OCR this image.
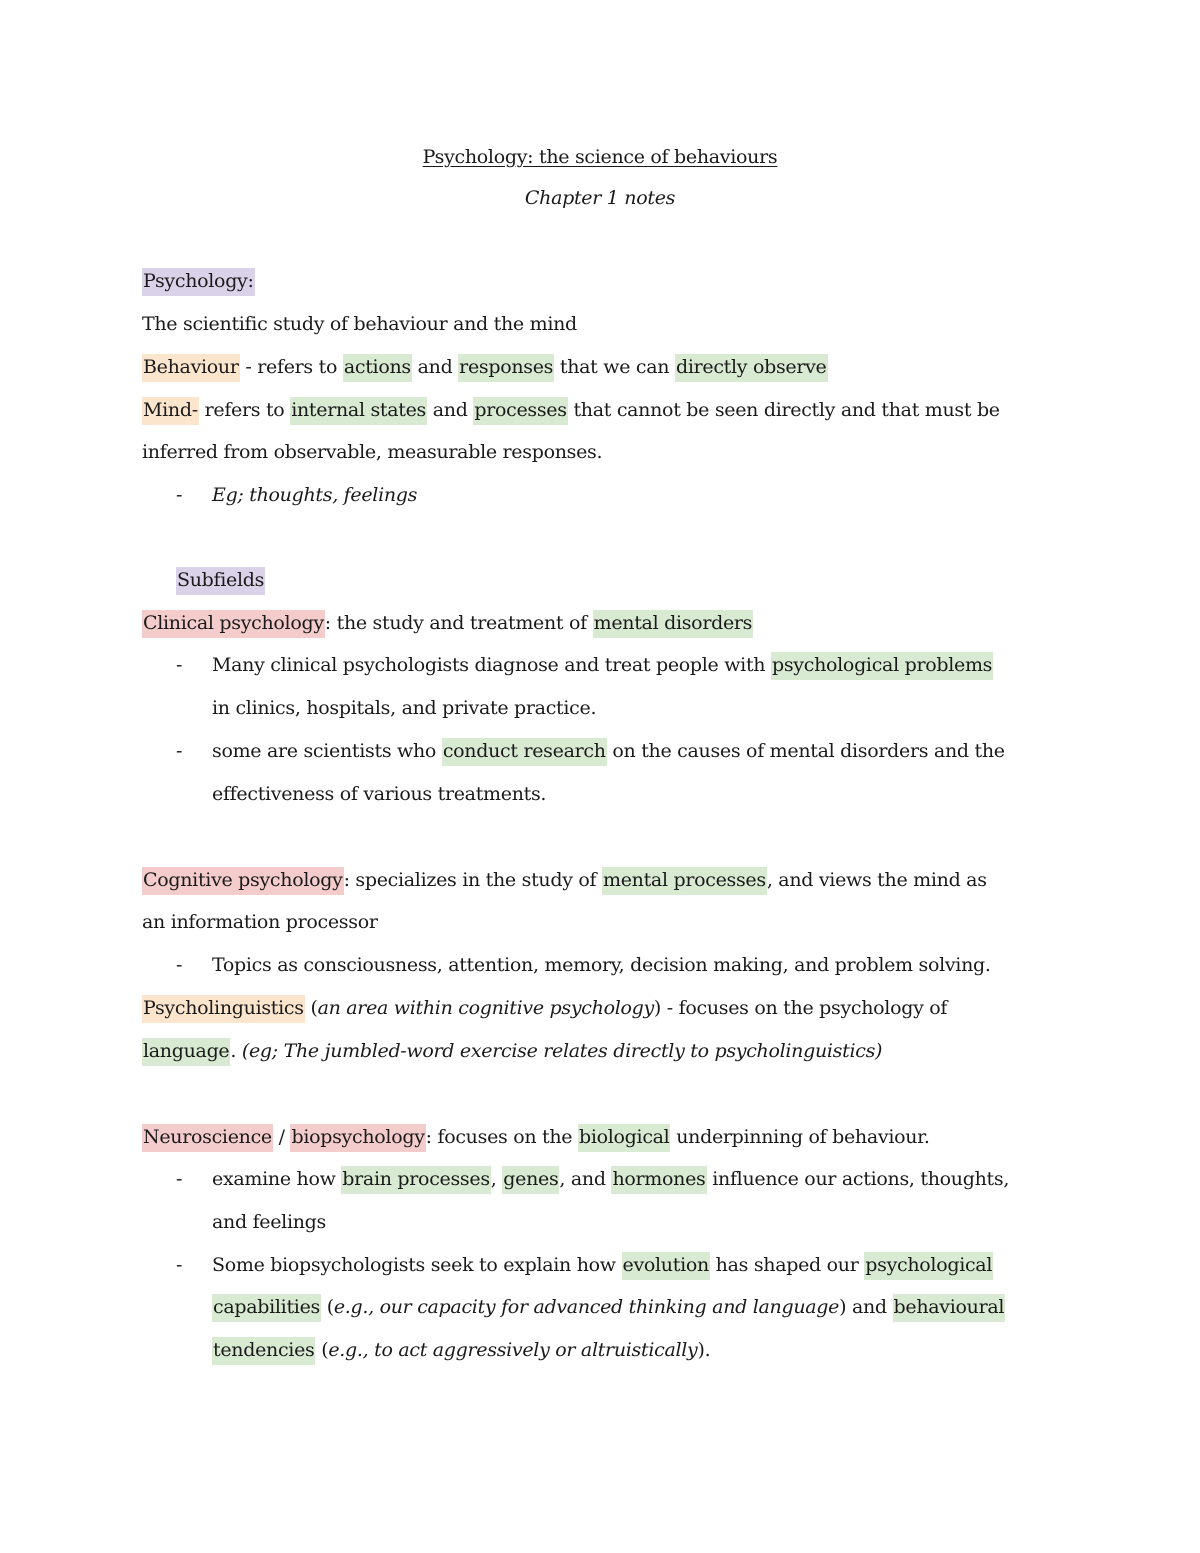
Psychology: the science of behaviours
Chapter 1 notes
Psychology:
The scientific study of behaviour and the mind
Behaviour - refers to actions and responses that we can directly observe
Mind- refers to internal states and processes that cannot be seen directly and that must be
inferred from observable, measurable responses.
- Eg; thoughts, feelings
Subfields
Clinical psychology: the study and treatment of mental disorders
- Many clinical psychologists diagnose and treat people with psychological problems
in clinics, hospitals, and private practice.
- some are scientists who conduct research on the causes of mental disorders and the
effectiveness of various treatments.
Cognitive psychology: specializes in the study of mental processes, and views the mind as
an information processor
- Topics as consciousness, attention, memory, decision making, and problem solving.
Psycholinguistics (an area within cognitive psychology) - focuses on the psychology of
language. (eg; The jumbled-word exercise relates directly to psycholinguistics)
Neuroscience / biopsychology: focuses on the biological underpinning of behaviour.
- examine how brain processes, genes, and hormones influence our actions, thoughts,
and feelings
- Some biopsychologists seek to explain how evolution has shaped our psychological
capabilities (e.g., our capacity for advanced thinking and language) and behavioural
tendencies (e.g., to act aggressively or altruistically).
